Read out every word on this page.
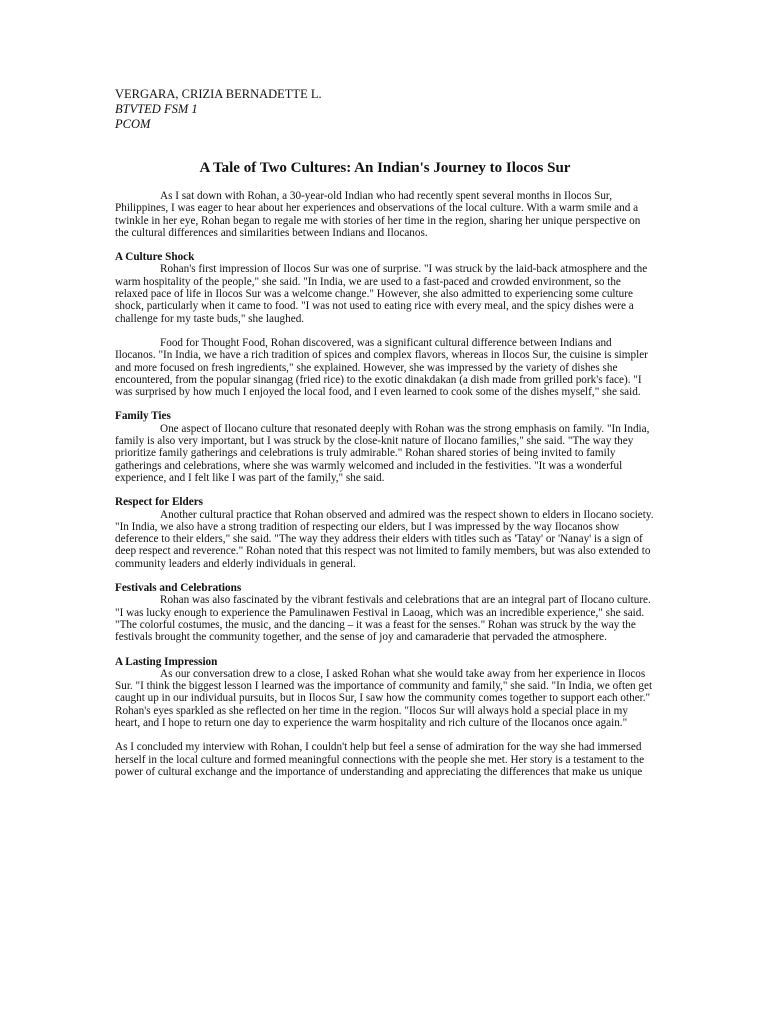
VERGARA, CRIZIA BERNADETTE L.

BTVTED FSM 1

PCOM

A Tale of Two Cultures: An Indian's Journey to Ilocos Sur

As I sat down with Rohan, a 30-year-old Indian who had recently spent several months in Ilocos Sur, Philippines, I was eager to hear about her experiences and observations of the local culture. With a warm smile and a twinkle in her eye, Rohan began to regale me with stories of her time in the region, sharing her unique perspective on the cultural differences and similarities between Indians and Ilocanos.

A Culture Shock

Rohan's first impression of Ilocos Sur was one of surprise. "I was struck by the laid-back atmosphere and the warm hospitality of the people," she said. "In India, we are used to a fast-paced and crowded environment, so the relaxed pace of life in Ilocos Sur was a welcome change." However, she also admitted to experiencing some culture shock, particularly when it came to food. "I was not used to eating rice with every meal, and the spicy dishes were a challenge for my taste buds," she laughed.

Food for Thought Food, Rohan discovered, was a significant cultural difference between Indians and Ilocanos. "In India, we have a rich tradition of spices and complex flavors, whereas in Ilocos Sur, the cuisine is simpler and more focused on fresh ingredients," she explained. However, she was impressed by the variety of dishes she encountered, from the popular sinangag (fried rice) to the exotic dinakdakan (a dish made from grilled pork's face). "I was surprised by how much I enjoyed the local food, and I even learned to cook some of the dishes myself," she said.

Family Ties

One aspect of Ilocano culture that resonated deeply with Rohan was the strong emphasis on family. "In India, family is also very important, but I was struck by the close-knit nature of Ilocano families," she said. "The way they prioritize family gatherings and celebrations is truly admirable." Rohan shared stories of being invited to family gatherings and celebrations, where she was warmly welcomed and included in the festivities. "It was a wonderful experience, and I felt like I was part of the family," she said.

Respect for Elders

Another cultural practice that Rohan observed and admired was the respect shown to elders in Ilocano society. "In India, we also have a strong tradition of respecting our elders, but I was impressed by the way Ilocanos show deference to their elders," she said. "The way they address their elders with titles such as 'Tatay' or 'Nanay' is a sign of deep respect and reverence." Rohan noted that this respect was not limited to family members, but was also extended to community leaders and elderly individuals in general.

Festivals and Celebrations

Rohan was also fascinated by the vibrant festivals and celebrations that are an integral part of Ilocano culture. "I was lucky enough to experience the Pamulinawen Festival in Laoag, which was an incredible experience," she said. "The colorful costumes, the music, and the dancing – it was a feast for the senses." Rohan was struck by the way the festivals brought the community together, and the sense of joy and camaraderie that pervaded the atmosphere.

A Lasting Impression

As our conversation drew to a close, I asked Rohan what she would take away from her experience in Ilocos Sur. "I think the biggest lesson I learned was the importance of community and family," she said. "In India, we often get caught up in our individual pursuits, but in Ilocos Sur, I saw how the community comes together to support each other." Rohan's eyes sparkled as she reflected on her time in the region. "Ilocos Sur will always hold a special place in my heart, and I hope to return one day to experience the warm hospitality and rich culture of the Ilocanos once again."

As I concluded my interview with Rohan, I couldn't help but feel a sense of admiration for the way she had immersed herself in the local culture and formed meaningful connections with the people she met. Her story is a testament to the power of cultural exchange and the importance of understanding and appreciating the differences that make us unique
